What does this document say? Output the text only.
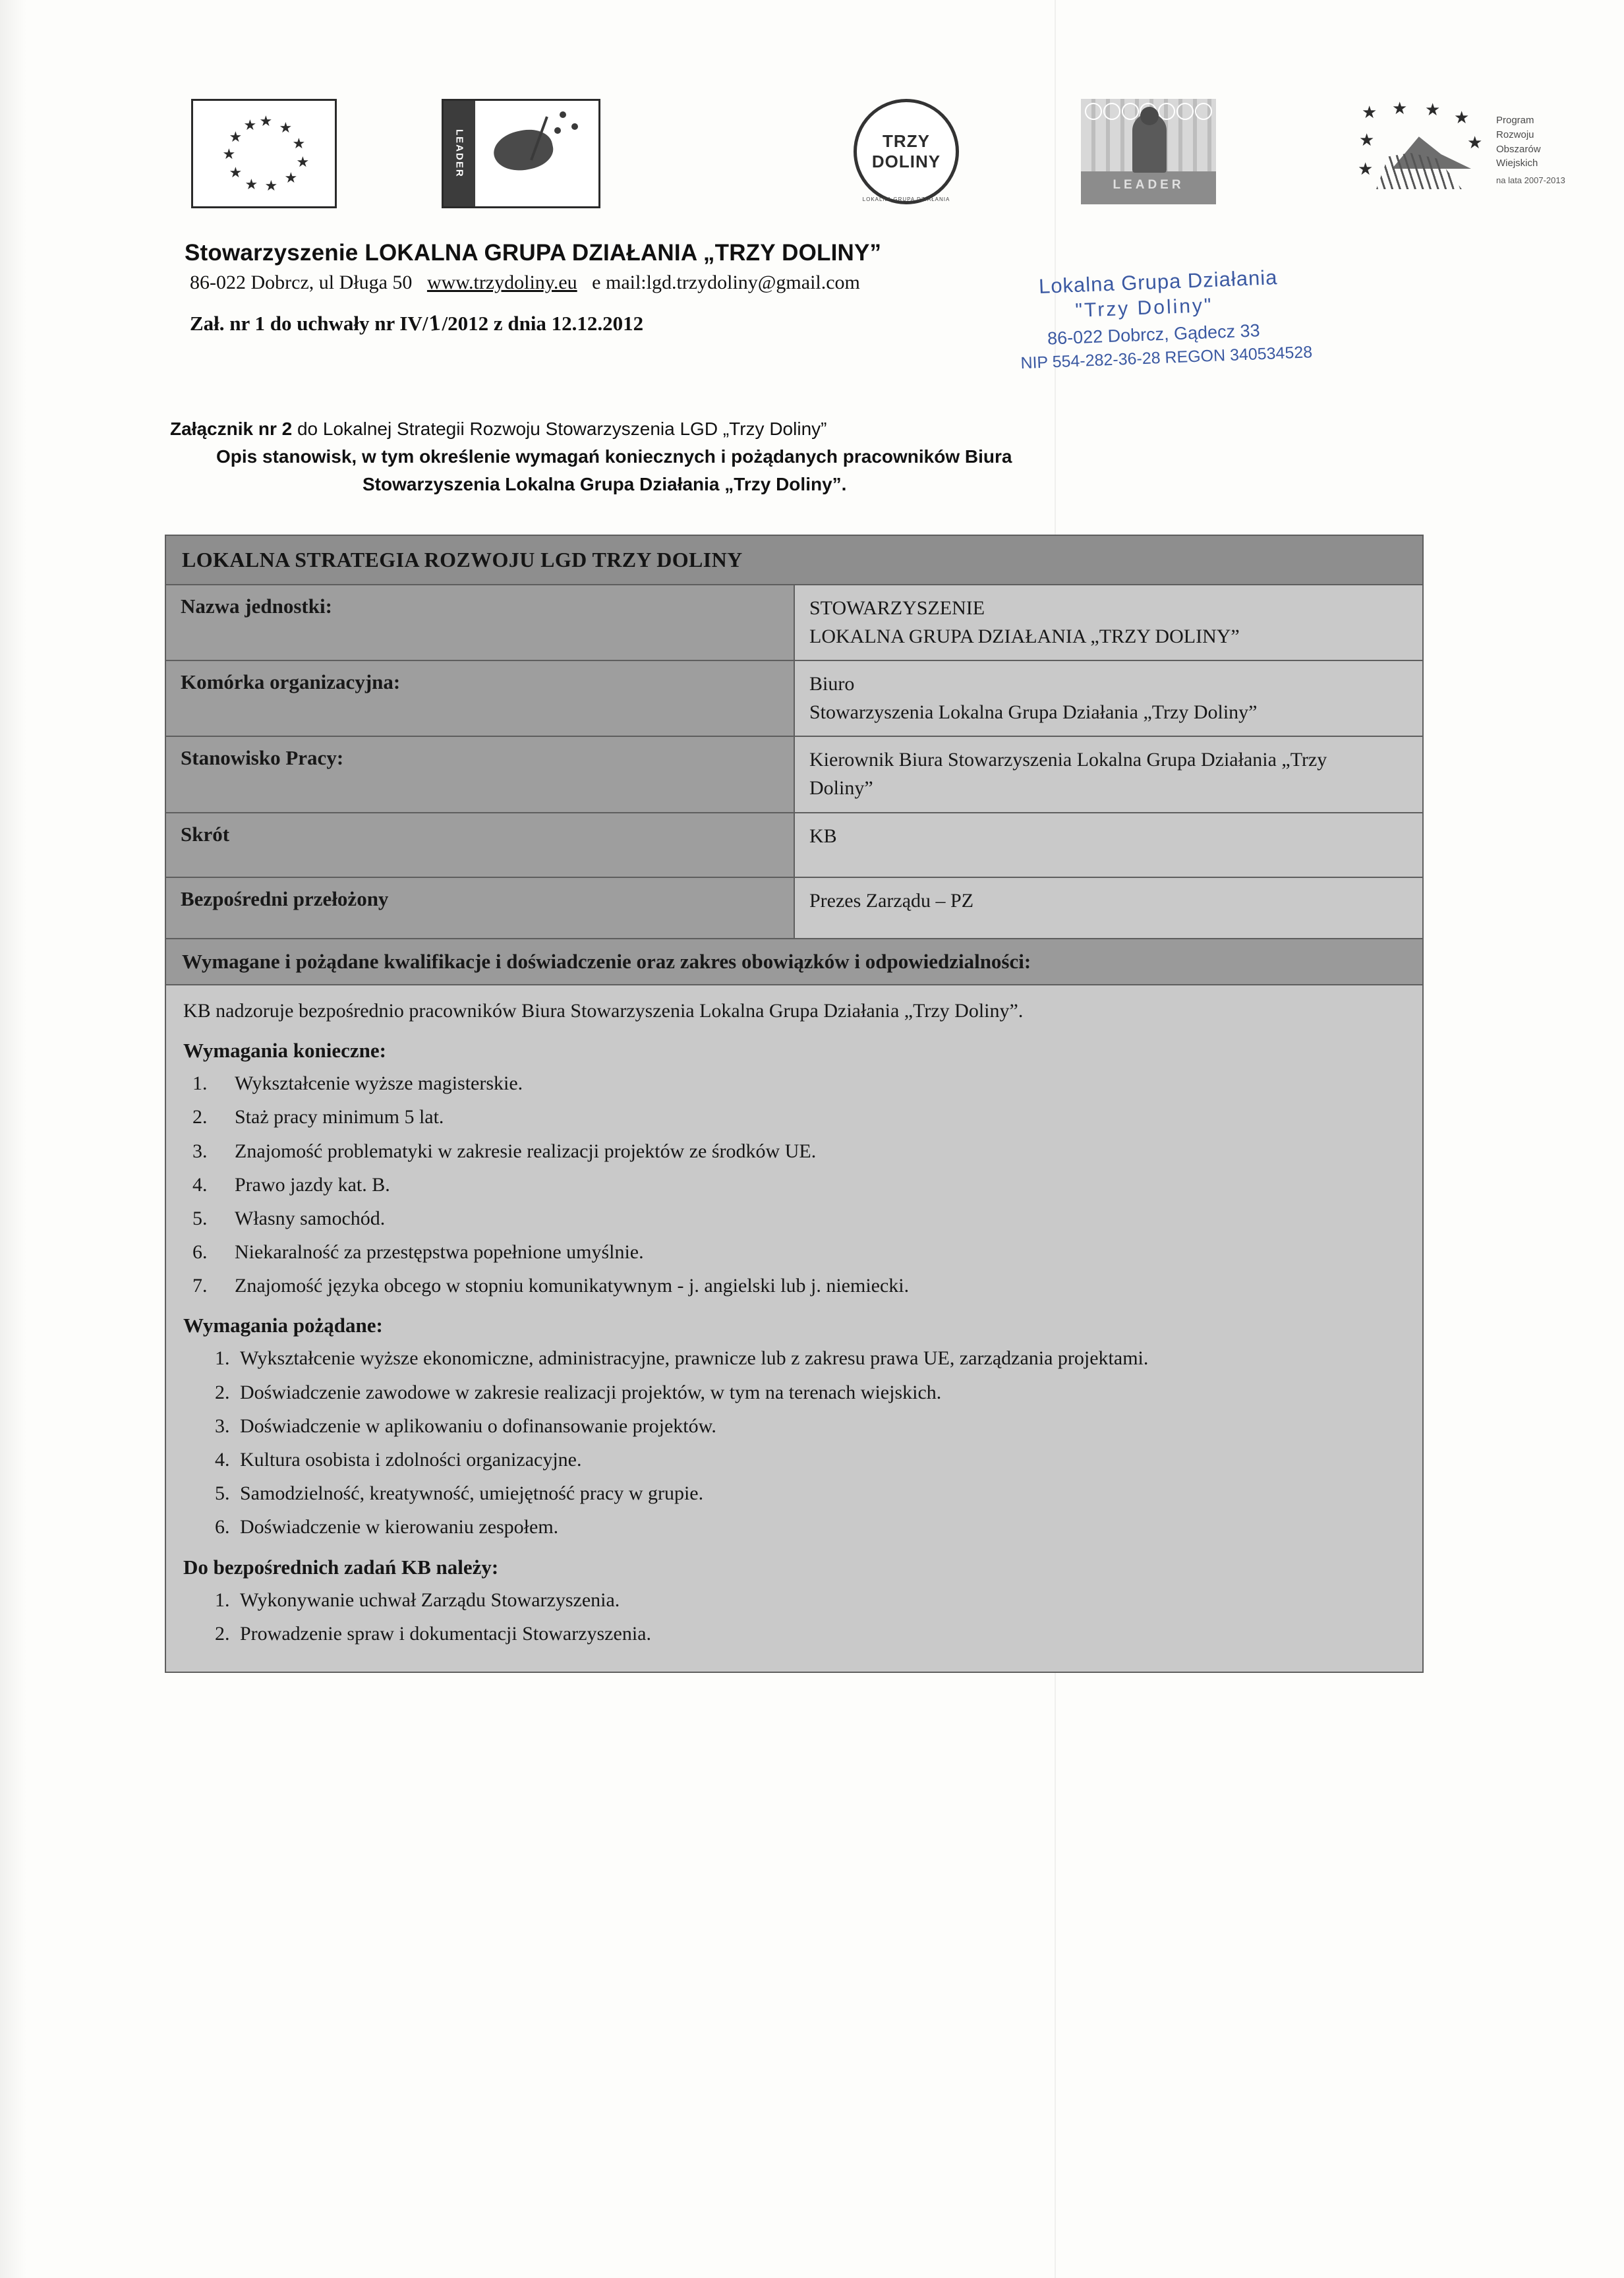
★ ★
★
★
★
★
★
★
★
★
★
LEADER	TRZY
DOLINY
LOKALNA GRUPA DZIAŁANIA
LEADER
★ ★ ★ ★
★
★
★
Program
Rozwoju
Obszarów
Wiejskich
na lata 2007-2013
Stowarzyszenie LOKALNA GRUPA DZIAŁANIA „TRZY DOLINY”
86-022 Dobrcz, ul Długa 50 www.trzydoliny.eu e mail:lgd.trzydoliny@gmail.com
Zał. nr 1 do uchwały nr IV/1/2012 z dnia 12.12.2012
Lokalna Grupa Działania
"Trzy Doliny"
86-022 Dobrcz, Gądecz 33
NIP 554-282-36-28 REGON 340534528
Załącznik nr 2 do Lokalnej Strategii Rozwoju Stowarzyszenia LGD „Trzy Doliny”
Opis stanowisk, w tym określenie wymagań koniecznych i pożądanych pracowników Biura
Stowarzyszenia Lokalna Grupa Działania „Trzy Doliny”.
LOKALNA STRATEGIA ROZWOJU LGD TRZY DOLINY	
Nazwa jednostki:	STOWARZYSZENIE
LOKALNA GRUPA DZIAŁANIA „TRZY DOLINY”

Komórka organizacyjna:	Biuro
Stowarzyszenia Lokalna Grupa Działania „Trzy Doliny”

Stanowisko Pracy:	Kierownik Biura Stowarzyszenia Lokalna Grupa Działania „Trzy
Doliny”

Skrót	KB

Bezpośredni przełożony	Prezes Zarządu – PZ

Wymagane i pożądane kwalifikacje i doświadczenie oraz zakres obowiązków i odpowiedzialności:	

KB nadzoruje bezpośrednio pracowników Biura Stowarzyszenia Lokalna Grupa Działania „Trzy Doliny”.

Wymagania konieczne:
1.	Wykształcenie wyższe magisterskie.
2.	Staż pracy minimum 5 lat.
3.	Znajomość problematyki w zakresie realizacji projektów ze środków UE.
4.	Prawo jazdy kat. B.
5.	Własny samochód.
6.	Niekaralność za przestępstwa popełnione umyślnie.
7.	Znajomość języka obcego w stopniu komunikatywnym - j. angielski lub j. niemiecki.
Wymagania pożądane:
1. Wykształcenie wyższe ekonomiczne, administracyjne, prawnicze lub z zakresu prawa UE, zarządzania projektami.
2. Doświadczenie zawodowe w zakresie realizacji projektów, w tym na terenach wiejskich.
3. Doświadczenie w aplikowaniu o dofinansowanie projektów.
4. Kultura osobista i zdolności organizacyjne.
5. Samodzielność, kreatywność, umiejętność pracy w grupie.
6. Doświadczenie w kierowaniu zespołem.
Do bezpośrednich zadań KB należy:
1. Wykonywanie uchwał Zarządu Stowarzyszenia.
2. Prowadzenie spraw i dokumentacji Stowarzyszenia.
